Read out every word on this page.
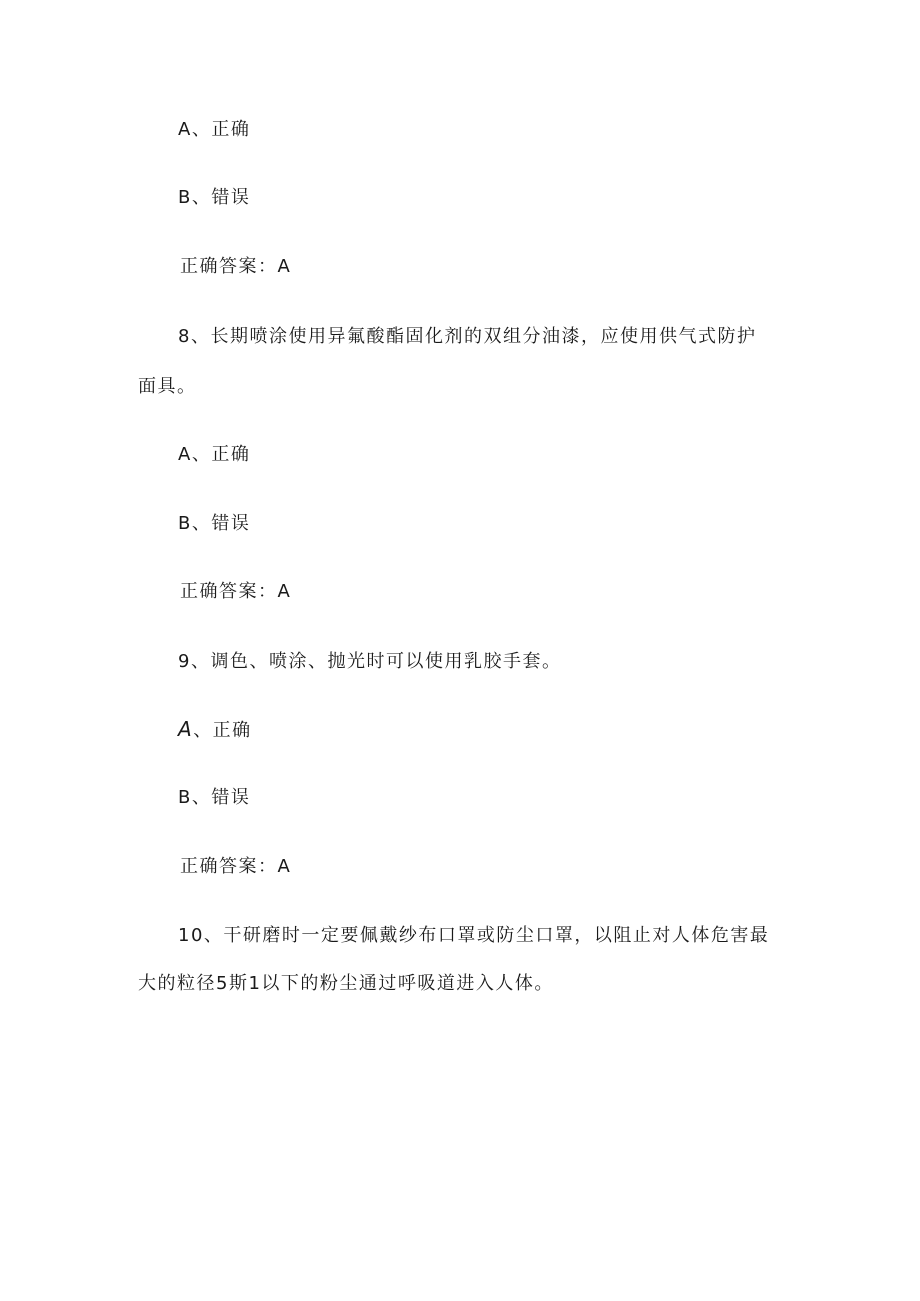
A、正确
B、错误
正确答案：A
8、长期喷涂使用异氟酸酯固化剂的双组分油漆，应使用供气式防护
面具。
A、正确
B、错误
正确答案：A
9、调色、喷涂、抛光时可以使用乳胶手套。
A、正确
B、错误
正确答案：A
10、干研磨时一定要佩戴纱布口罩或防尘口罩，以阻止对人体危害最
大的粒径5斯1以下的粉尘通过呼吸道进入人体。
